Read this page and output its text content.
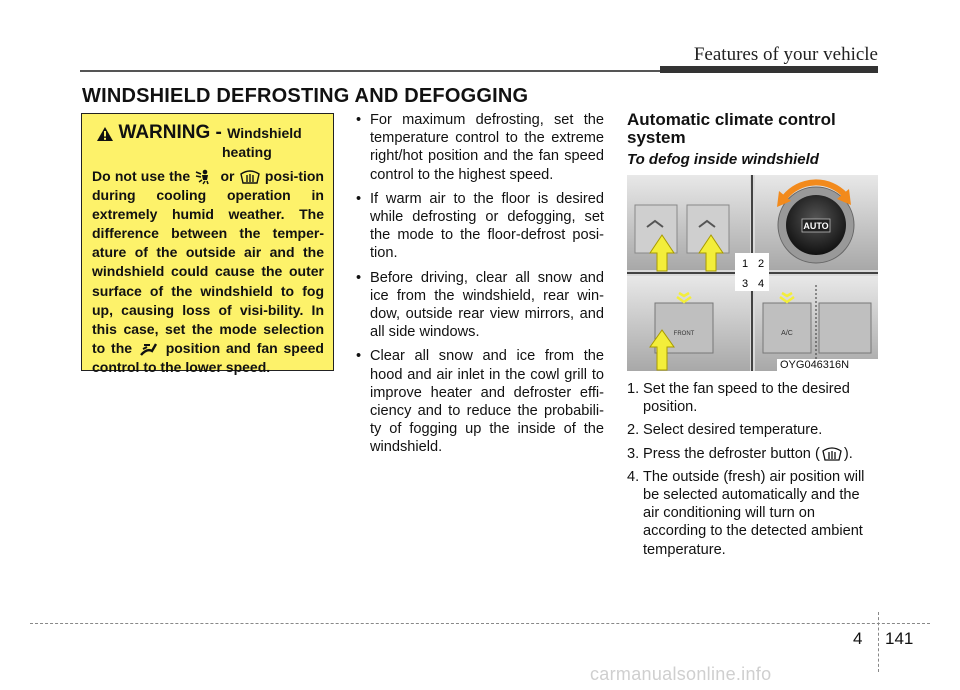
Features of your vehicle
WINDSHIELD DEFROSTING AND DEFOGGING
WARNING - Windshield
heating
Do not use the  or  posi-tion during cooling operation in extremely humid weather. The difference between the temper-ature of the outside air and the windshield could cause the outer surface of the windshield to fog up, causing loss of visi-bility. In this case, set the mode selection to the  position and fan speed control to the lower speed.
• For maximum defrosting, set the temperature control to the extreme right/hot position and the fan speed control to the highest speed.
• If warm air to the floor is desired while defrosting or defogging, set the mode to the floor-defrost posi-tion.
• Before driving, clear all snow and ice from the windshield, rear win-dow, outside rear view mirrors, and all side windows.
• Clear all snow and ice from the hood and air inlet in the cowl grill to improve heater and defroster effi-ciency and to reduce the probabili-ty of fogging up the inside of the windshield.
Automatic climate control system
To defog inside windshield
AUTO
FRONT	A/C
1 2
3 4
OYG046316N
1. Set the fan speed to the desired position.
2. Select desired temperature.
3. Press the defroster button ( ).
4. The outside (fresh) air position will be selected automatically and the air conditioning will turn on according to the detected ambient temperature.
4 141
carmanualsonline.info
